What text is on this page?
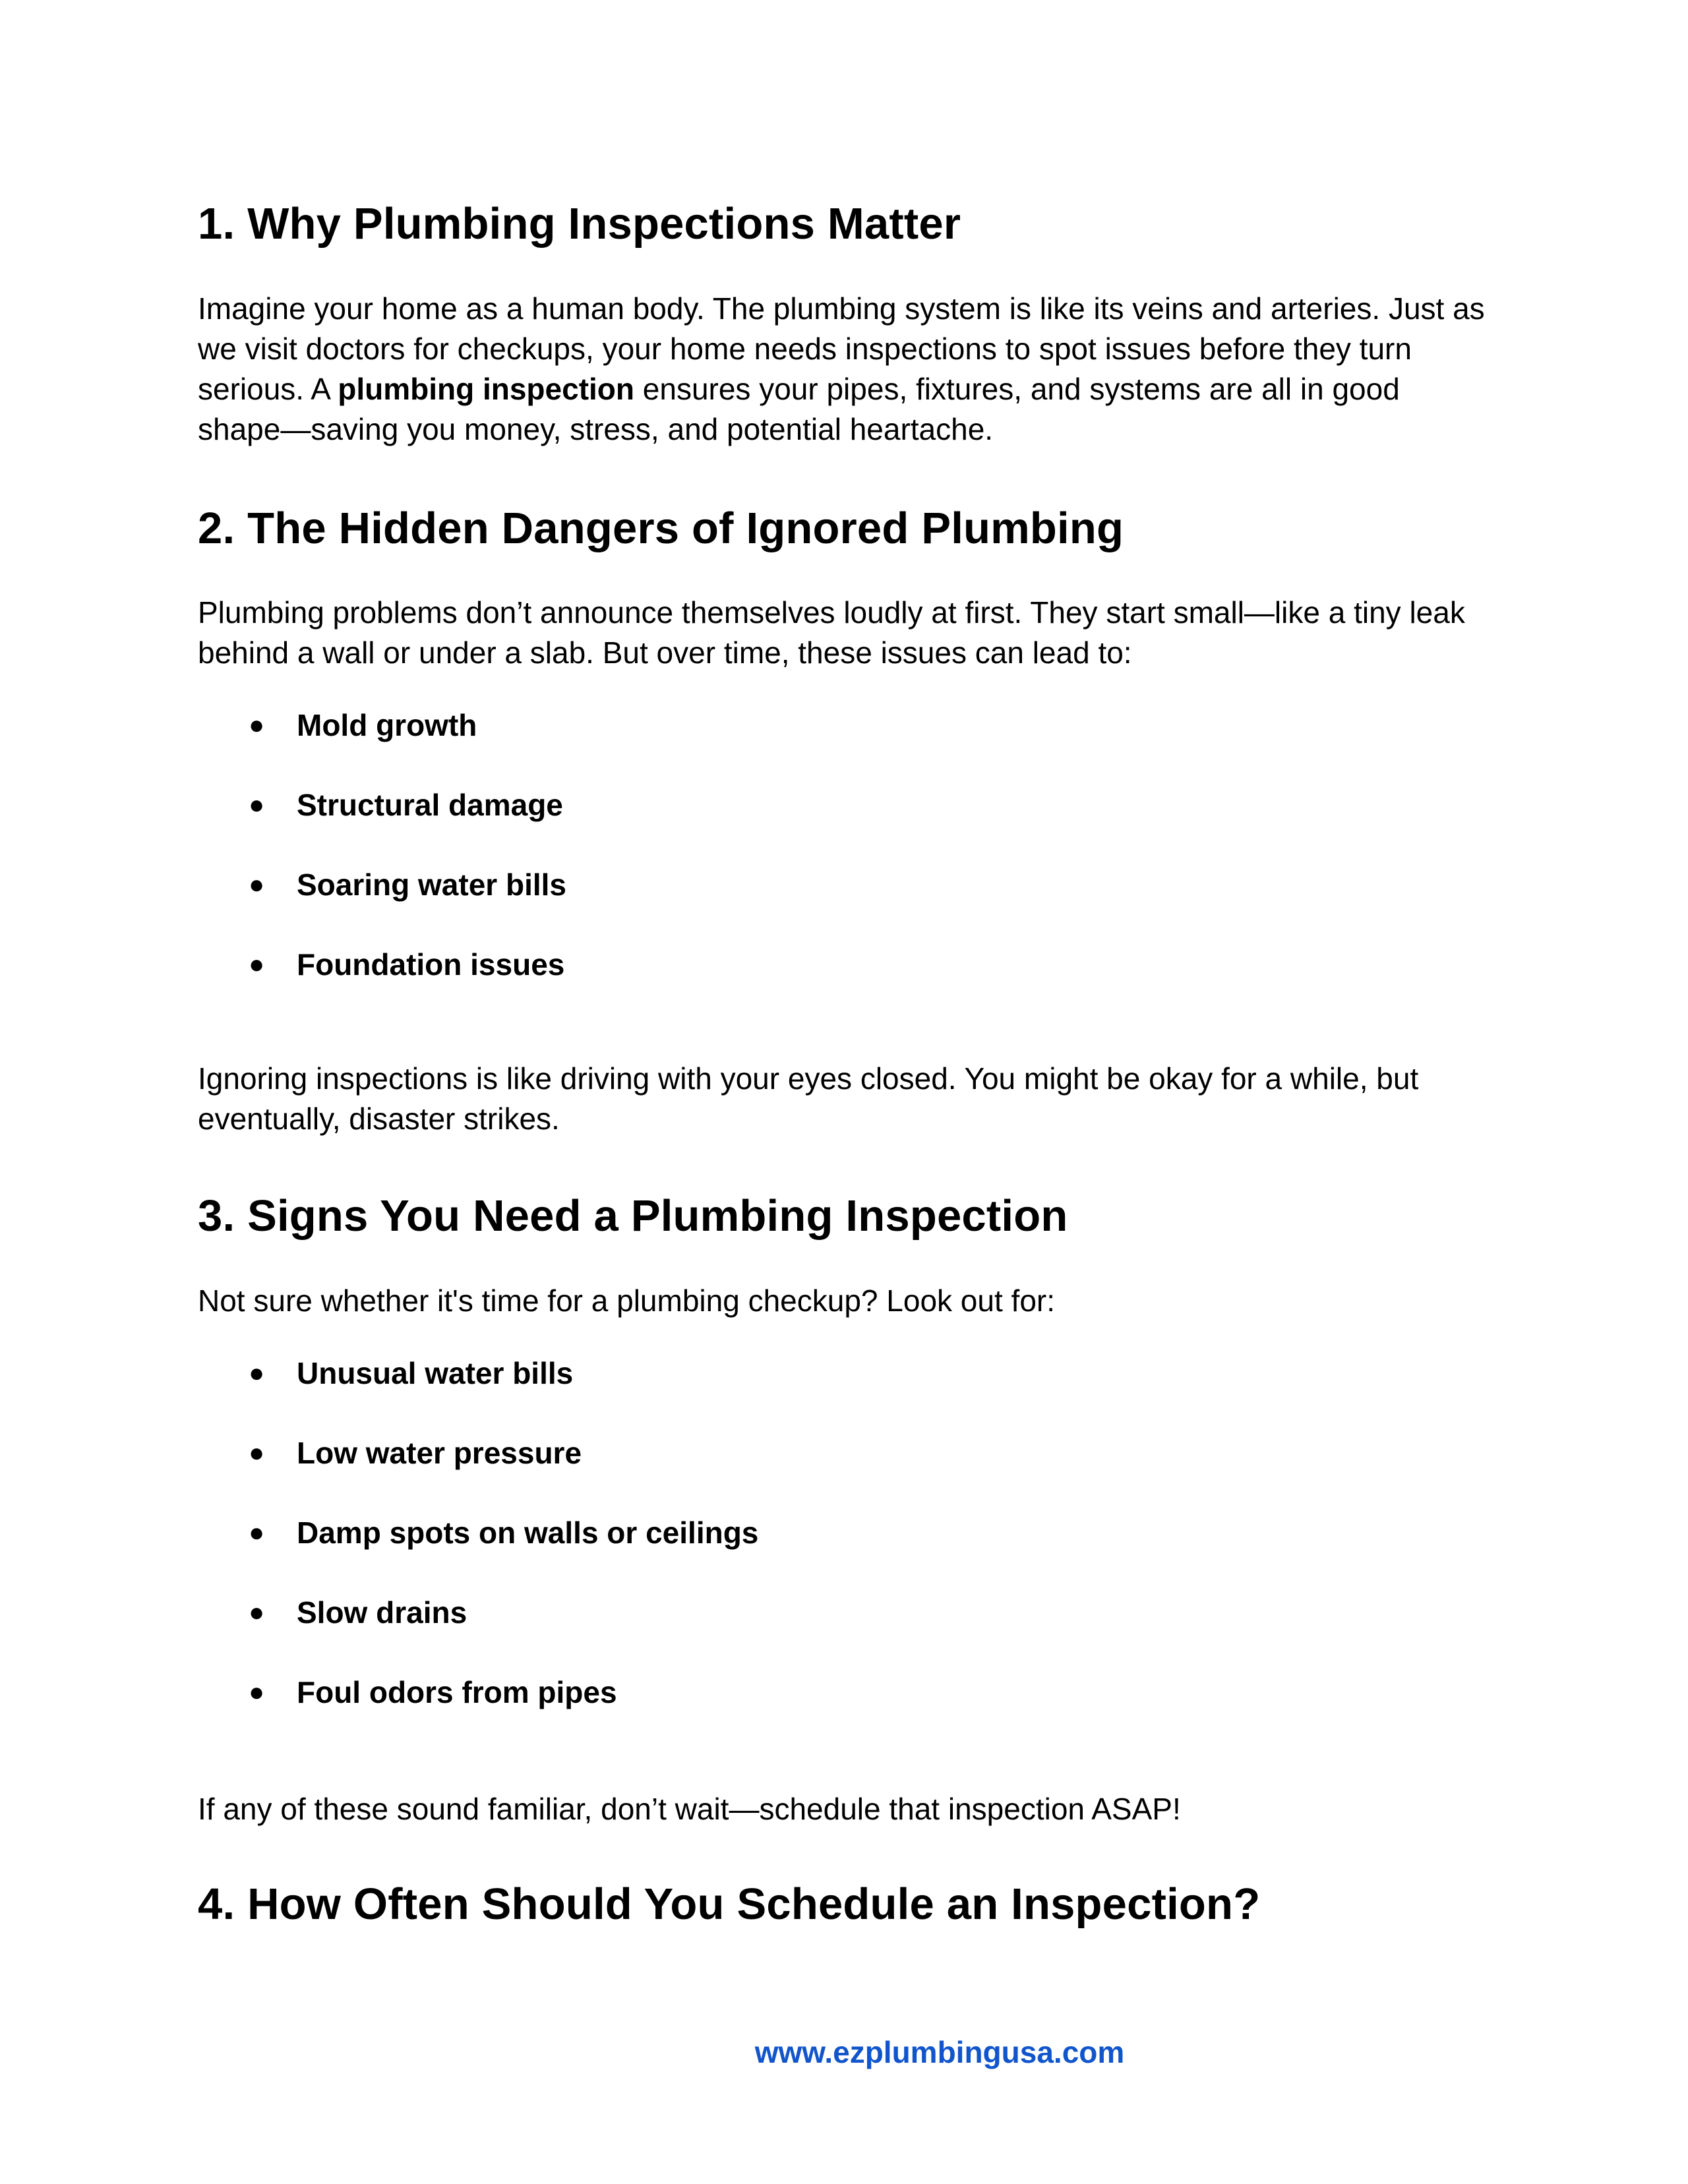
1. Why Plumbing Inspections Matter

Imagine your home as a human body. The plumbing system is like its veins and arteries. Just as we visit doctors for checkups, your home needs inspections to spot issues before they turn serious. A plumbing inspection ensures your pipes, fixtures, and systems are all in good shape—saving you money, stress, and potential heartache.

2. The Hidden Dangers of Ignored Plumbing

Plumbing problems don’t announce themselves loudly at first. They start small—like a tiny leak behind a wall or under a slab. But over time, these issues can lead to:

● Mold growth
● Structural damage
● Soaring water bills
● Foundation issues

Ignoring inspections is like driving with your eyes closed. You might be okay for a while, but eventually, disaster strikes.

3. Signs You Need a Plumbing Inspection

Not sure whether it's time for a plumbing checkup? Look out for:

● Unusual water bills
● Low water pressure
● Damp spots on walls or ceilings
● Slow drains
● Foul odors from pipes

If any of these sound familiar, don’t wait—schedule that inspection ASAP!

4. How Often Should You Schedule an Inspection?
www.ezplumbingusa.com
